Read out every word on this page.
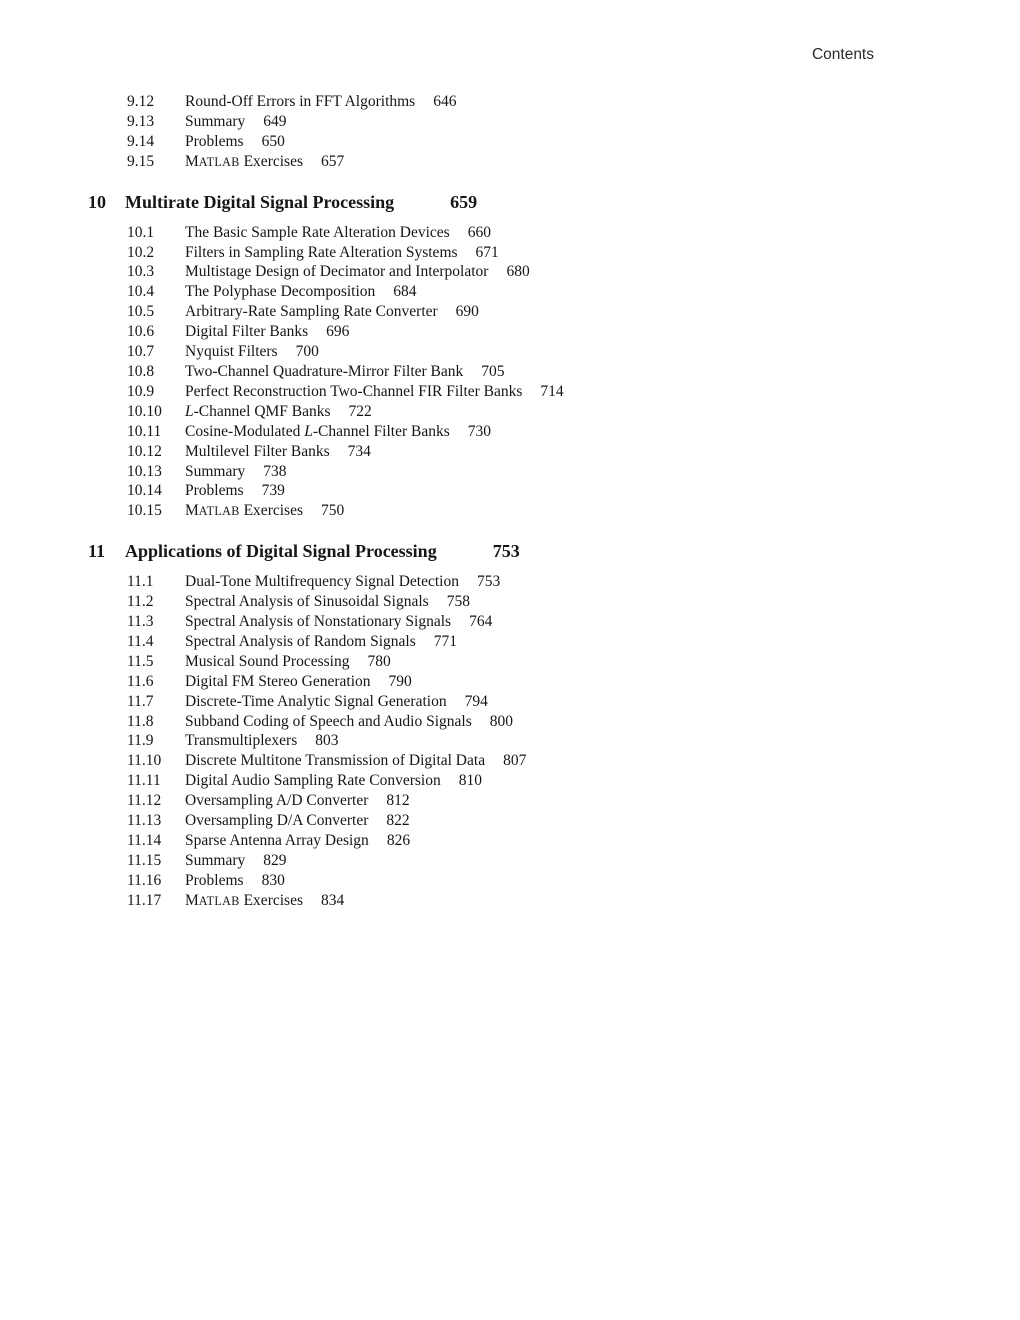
Contents
9.12 Round-Off Errors in FFT Algorithms 646
9.13 Summary 649
9.14 Problems 650
9.15 MATLAB Exercises 657
10 Multirate Digital Signal Processing	659
10.1 The Basic Sample Rate Alteration Devices 660
10.2 Filters in Sampling Rate Alteration Systems 671
10.3 Multistage Design of Decimator and Interpolator 680
10.4 The Polyphase Decomposition 684
10.5 Arbitrary-Rate Sampling Rate Converter 690
10.6 Digital Filter Banks 696
10.7 Nyquist Filters 700
10.8 Two-Channel Quadrature-Mirror Filter Bank 705
10.9 Perfect Reconstruction Two-Channel FIR Filter Banks 714
10.10 L-Channel QMF Banks 722
10.11 Cosine-Modulated L-Channel Filter Banks 730
10.12 Multilevel Filter Banks 734
10.13 Summary 738
10.14 Problems 739
10.15 MATLAB Exercises 750
11 Applications of Digital Signal Processing	753
11.1 Dual-Tone Multifrequency Signal Detection 753
11.2 Spectral Analysis of Sinusoidal Signals 758
11.3 Spectral Analysis of Nonstationary Signals 764
11.4 Spectral Analysis of Random Signals 771
11.5 Musical Sound Processing 780
11.6 Digital FM Stereo Generation 790
11.7 Discrete-Time Analytic Signal Generation 794
11.8 Subband Coding of Speech and Audio Signals 800
11.9 Transmultiplexers 803
11.10 Discrete Multitone Transmission of Digital Data 807
11.11 Digital Audio Sampling Rate Conversion 810
11.12 Oversampling A/D Converter 812
11.13 Oversampling D/A Converter 822
11.14 Sparse Antenna Array Design 826
11.15 Summary 829
11.16 Problems 830
11.17 MATLAB Exercises 834
